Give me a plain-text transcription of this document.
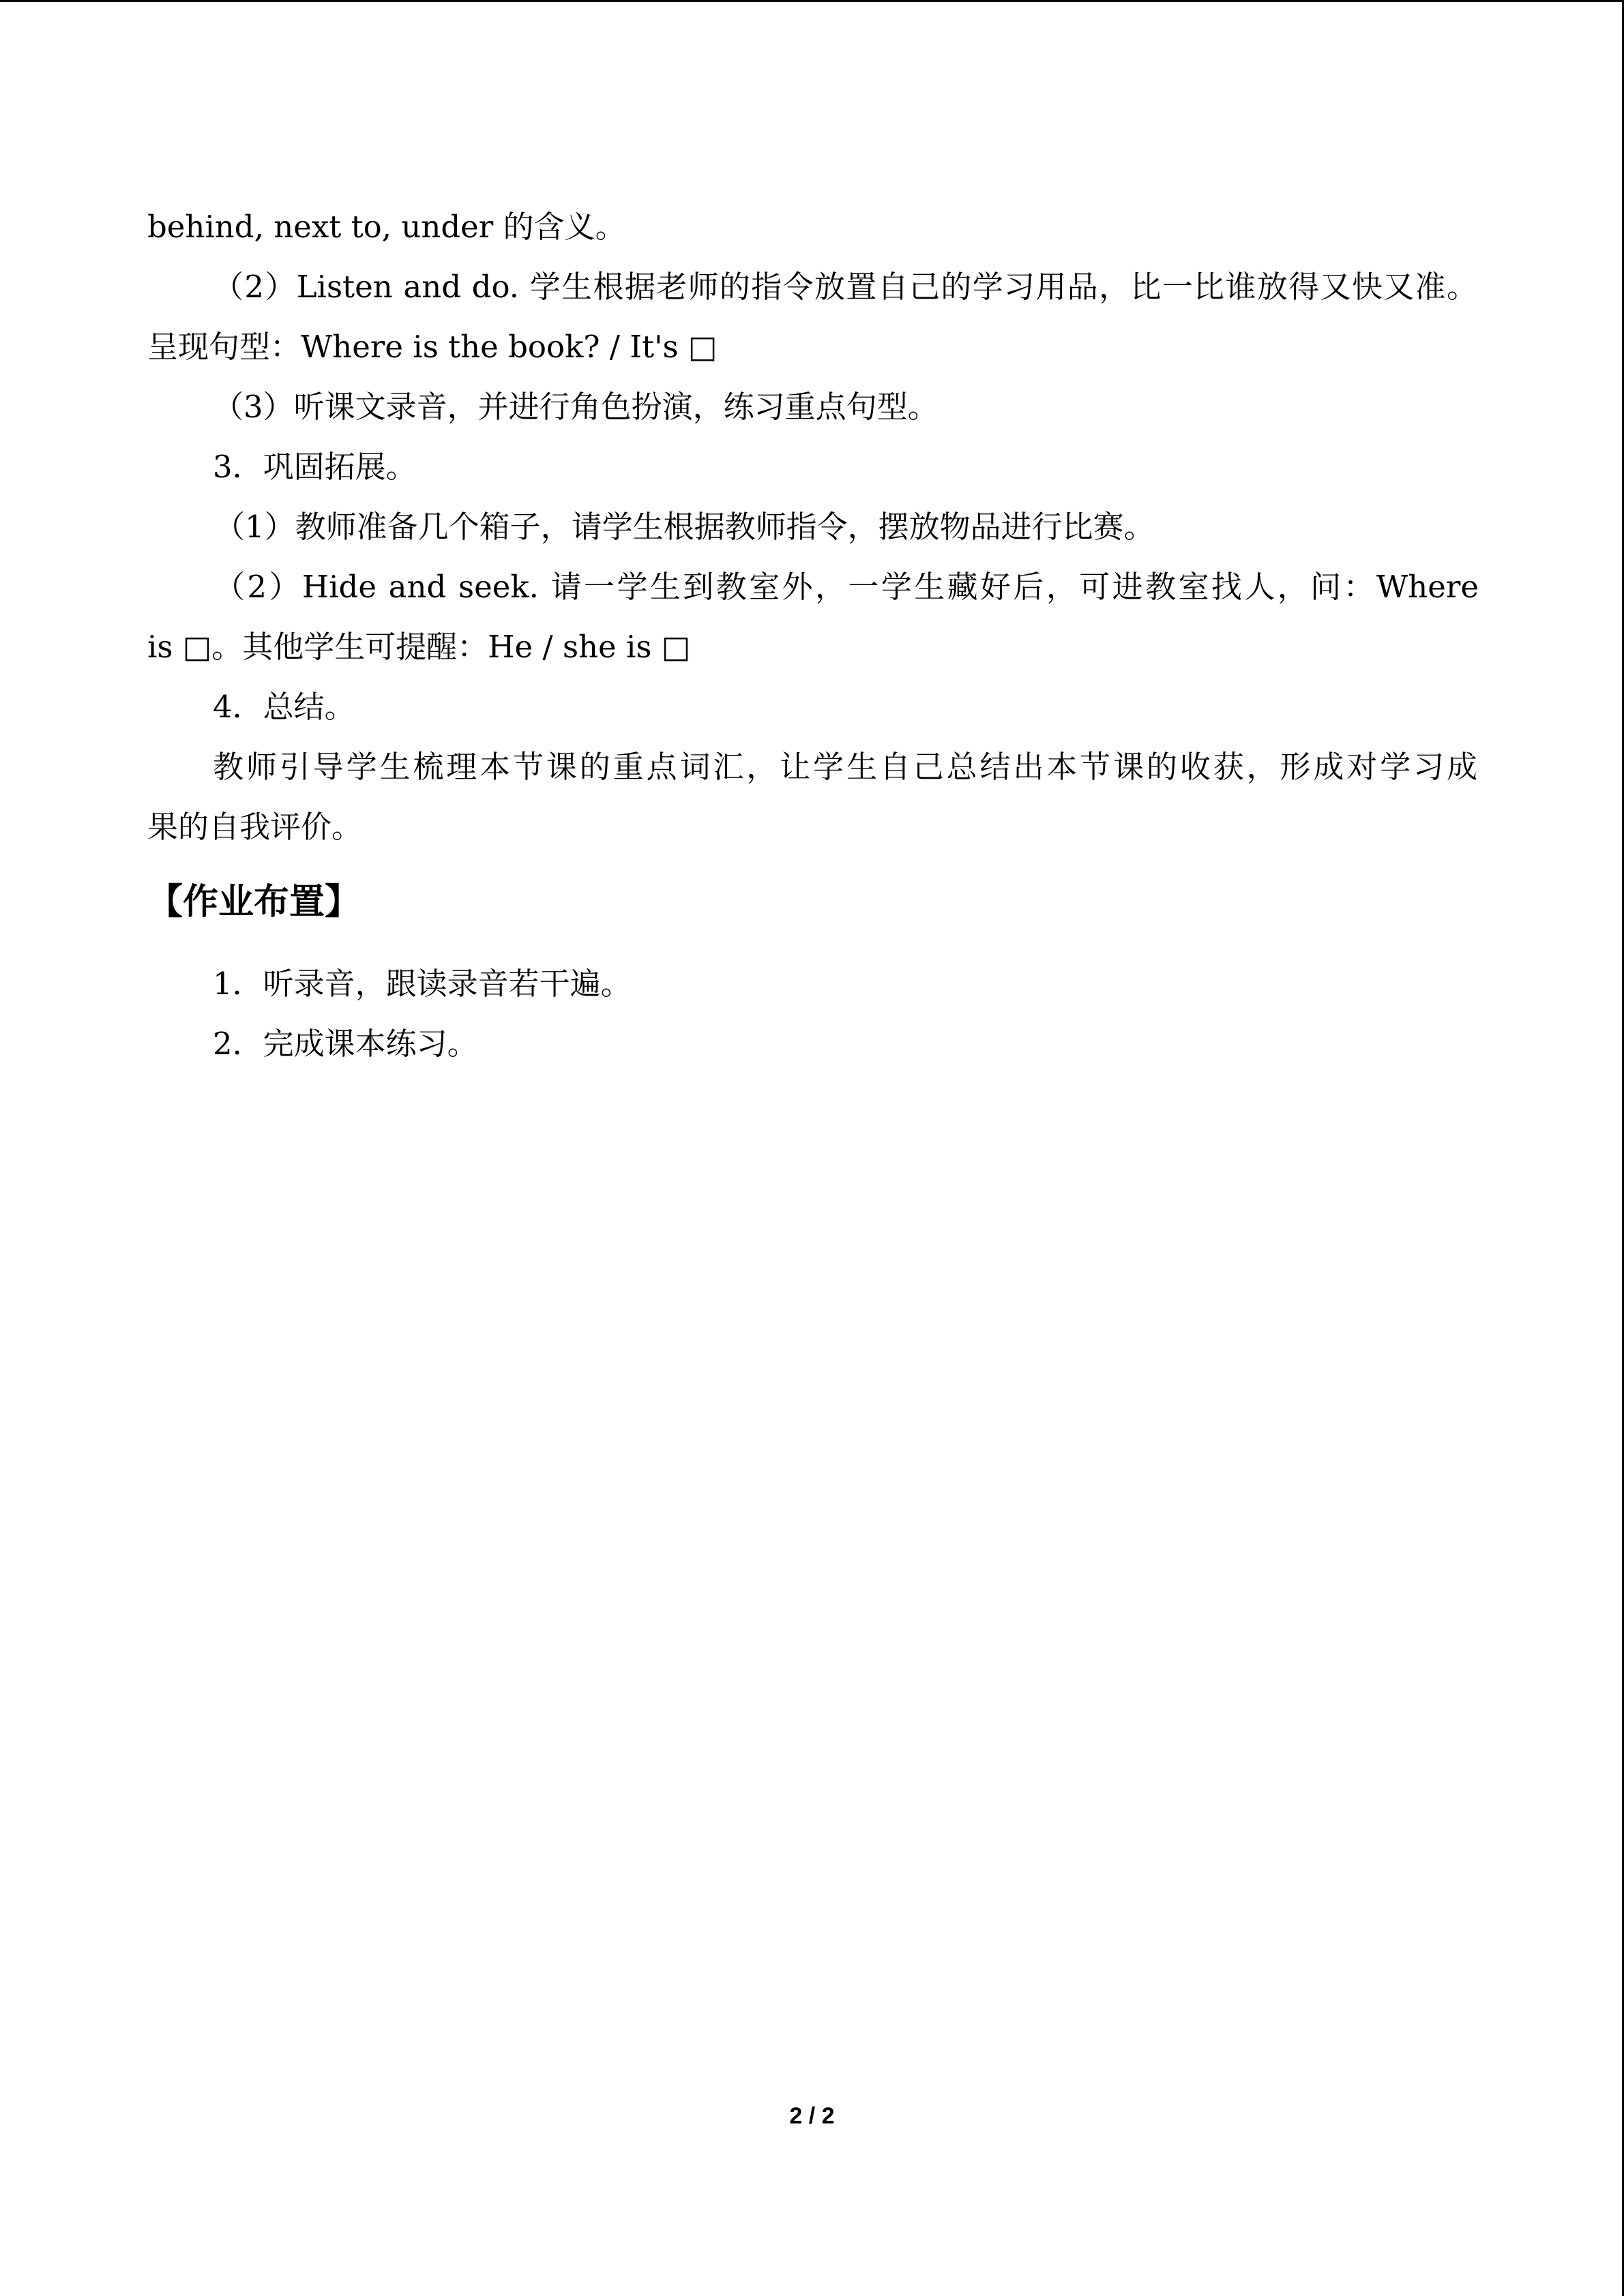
behind, next to, under 的含义。
（2）Listen and do. 学生根据老师的指令放置自己的学习用品，比一比谁放得又快又准。
呈现句型：Where is the book? / It's □
（3）听课文录音，并进行角色扮演，练习重点句型。
3．巩固拓展。
（1）教师准备几个箱子，请学生根据教师指令，摆放物品进行比赛。
（2）Hide and seek. 请一学生到教室外，一学生藏好后，可进教室找人，问：Where
is □。其他学生可提醒：He / she is □
4．总结。
教师引导学生梳理本节课的重点词汇，让学生自己总结出本节课的收获，形成对学习成
果的自我评价。
【作业布置】
1．听录音，跟读录音若干遍。
2．完成课本练习。
2 / 2
